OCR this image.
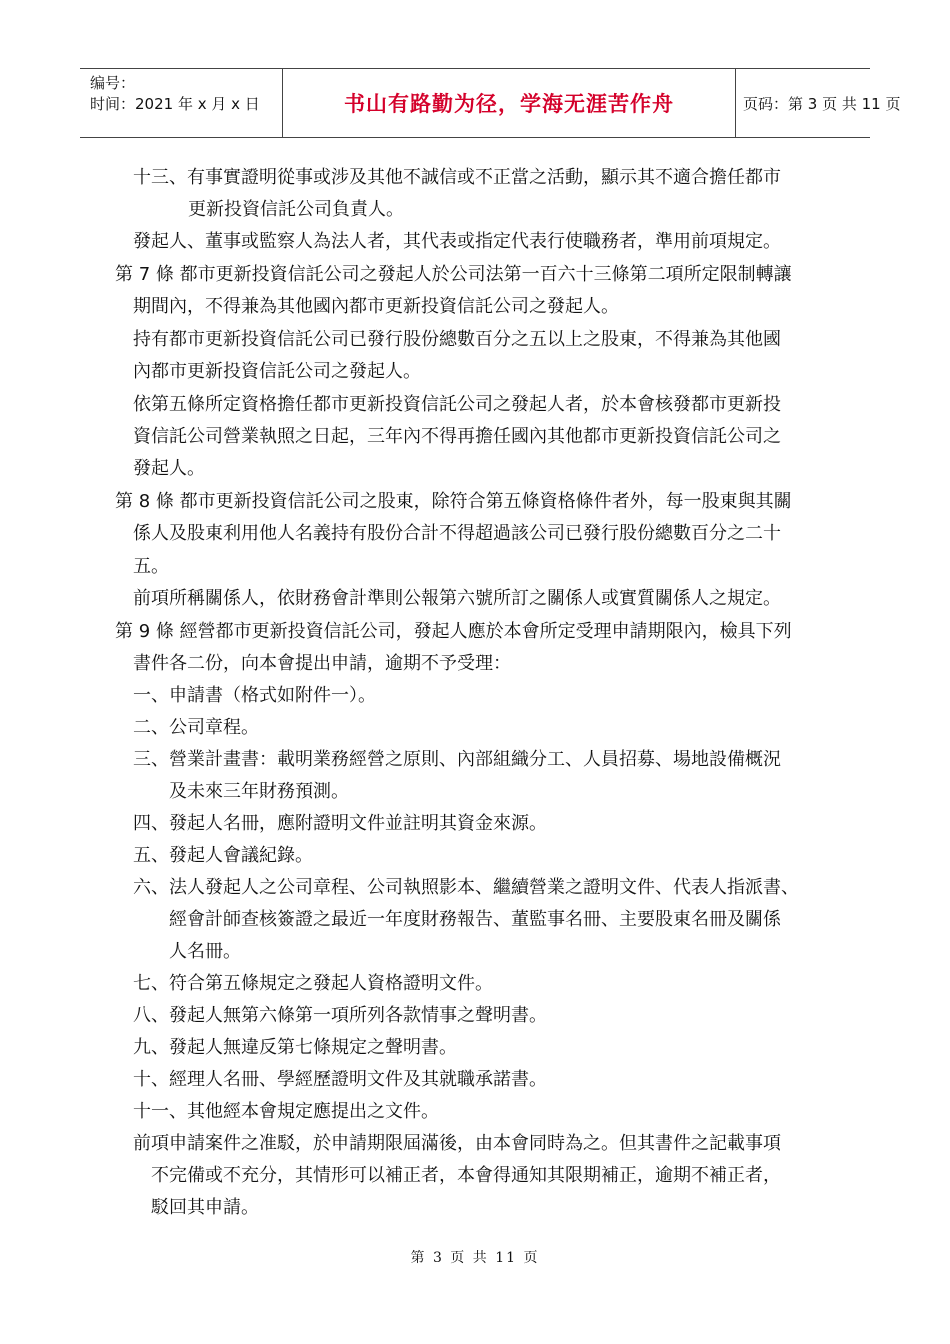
编号：
时间：2021 年 x 月 x 日	书山有路勤为径，学海无涯苦作舟	页码：第 3 页 共 11 页
十三、有事實證明從事或涉及其他不誠信或不正當之活動，顯示其不適合擔任都市
更新投資信託公司負責人。
發起人、董事或監察人為法人者，其代表或指定代表行使職務者，準用前項規定。
第 7 條 都市更新投資信託公司之發起人於公司法第一百六十三條第二項所定限制轉讓
期間內，不得兼為其他國內都市更新投資信託公司之發起人。
持有都市更新投資信託公司已發行股份總數百分之五以上之股東，不得兼為其他國
內都市更新投資信託公司之發起人。
依第五條所定資格擔任都市更新投資信託公司之發起人者，於本會核發都市更新投
資信託公司營業執照之日起，三年內不得再擔任國內其他都市更新投資信託公司之
發起人。
第 8 條 都市更新投資信託公司之股東，除符合第五條資格條件者外，每一股東與其關
係人及股東利用他人名義持有股份合計不得超過該公司已發行股份總數百分之二十
五。
前項所稱關係人，依財務會計準則公報第六號所訂之關係人或實質關係人之規定。
第 9 條 經營都市更新投資信託公司，發起人應於本會所定受理申請期限內，檢具下列
書件各二份，向本會提出申請，逾期不予受理：
一、申請書（格式如附件一）。
二、公司章程。
三、營業計畫書：載明業務經營之原則、內部組織分工、人員招募、場地設備概況
及未來三年財務預測。
四、發起人名冊，應附證明文件並註明其資金來源。
五、發起人會議紀錄。
六、法人發起人之公司章程、公司執照影本、繼續營業之證明文件、代表人指派書、
經會計師查核簽證之最近一年度財務報告、董監事名冊、主要股東名冊及關係
人名冊。
七、符合第五條規定之發起人資格證明文件。
八、發起人無第六條第一項所列各款情事之聲明書。
九、發起人無違反第七條規定之聲明書。
十、經理人名冊、學經歷證明文件及其就職承諾書。
十一、其他經本會規定應提出之文件。
前項申請案件之准駁，於申請期限屆滿後，由本會同時為之。但其書件之記載事項
不完備或不充分，其情形可以補正者，本會得通知其限期補正，逾期不補正者，
駁回其申請。
第 3 页 共 11 页
